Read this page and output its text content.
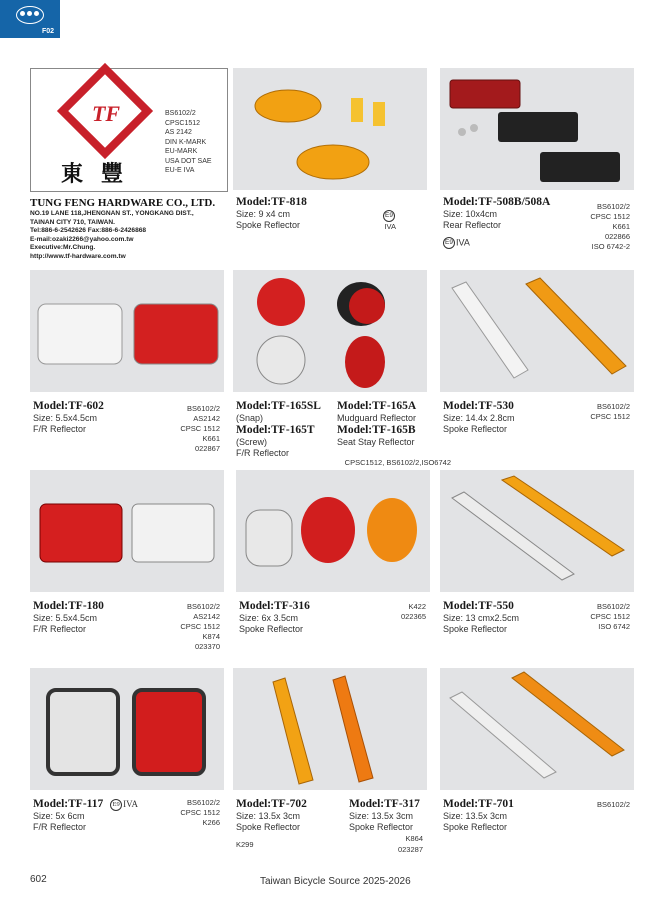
F02
TF
東豐
BS6102/2
CPSC1512
AS 2142
DIN K-MARK
EU-MARK
USA DOT SAE
EU-E IVA
TUNG FENG HARDWARE CO., LTD.
NO.19 LANE 118,JHENGNAN ST., YONGKANG DIST.,
TAINAN CITY 710, TAIWAN.
Tel:886-6-2542626 Fax:886-6-2426868
E-mail:ozaki2266@yahoo.com.tw
Executive:Mr.Chung.
http://www.tf-hardware.com.tw
Model:TF-818
Size: 9 x4 cm
Spoke Reflector
E9IVA
Model:TF-508B/508A
Size: 10x4cm
Rear Reflector
E9 IVA
BS6102/2
CPSC 1512
K661
022866
ISO 6742-2
Model:TF-602
Size: 5.5x4.5cm
F/R Reflector
BS6102/2
AS2142
CPSC 1512
K661
022867
Model:TF-165SL
(Snap)
Model:TF-165T
(Screw)
F/R Reflector
Model:TF-165A
Mudguard Reflector
Model:TF-165B
Seat Stay Reflector
CPSC1512, BS6102/2,ISO6742
Model:TF-530
Size: 14.4x 2.8cm
Spoke Reflector
BS6102/2
CPSC 1512
Model:TF-180
Size: 5.5x4.5cm
F/R Reflector
BS6102/2
AS2142
CPSC 1512
K874
023370
Model:TF-316
Size: 6x 3.5cm
Spoke Reflector
K422
022365
Model:TF-550
Size: 13 cmx2.5cm
Spoke Reflector
BS6102/2
CPSC 1512
ISO 6742
Model:TF-117 E9 IVA
Size: 5x 6cm
F/R Reflector
BS6102/2
CPSC 1512
K266
Model:TF-702
Size: 13.5x 3cm
Spoke Reflector
K299
Model:TF-317
Size: 13.5x 3cm
Spoke Reflector
K864
023287
Model:TF-701
Size: 13.5x 3cm
Spoke Reflector
BS6102/2
602	Taiwan Bicycle Source 2025-2026
